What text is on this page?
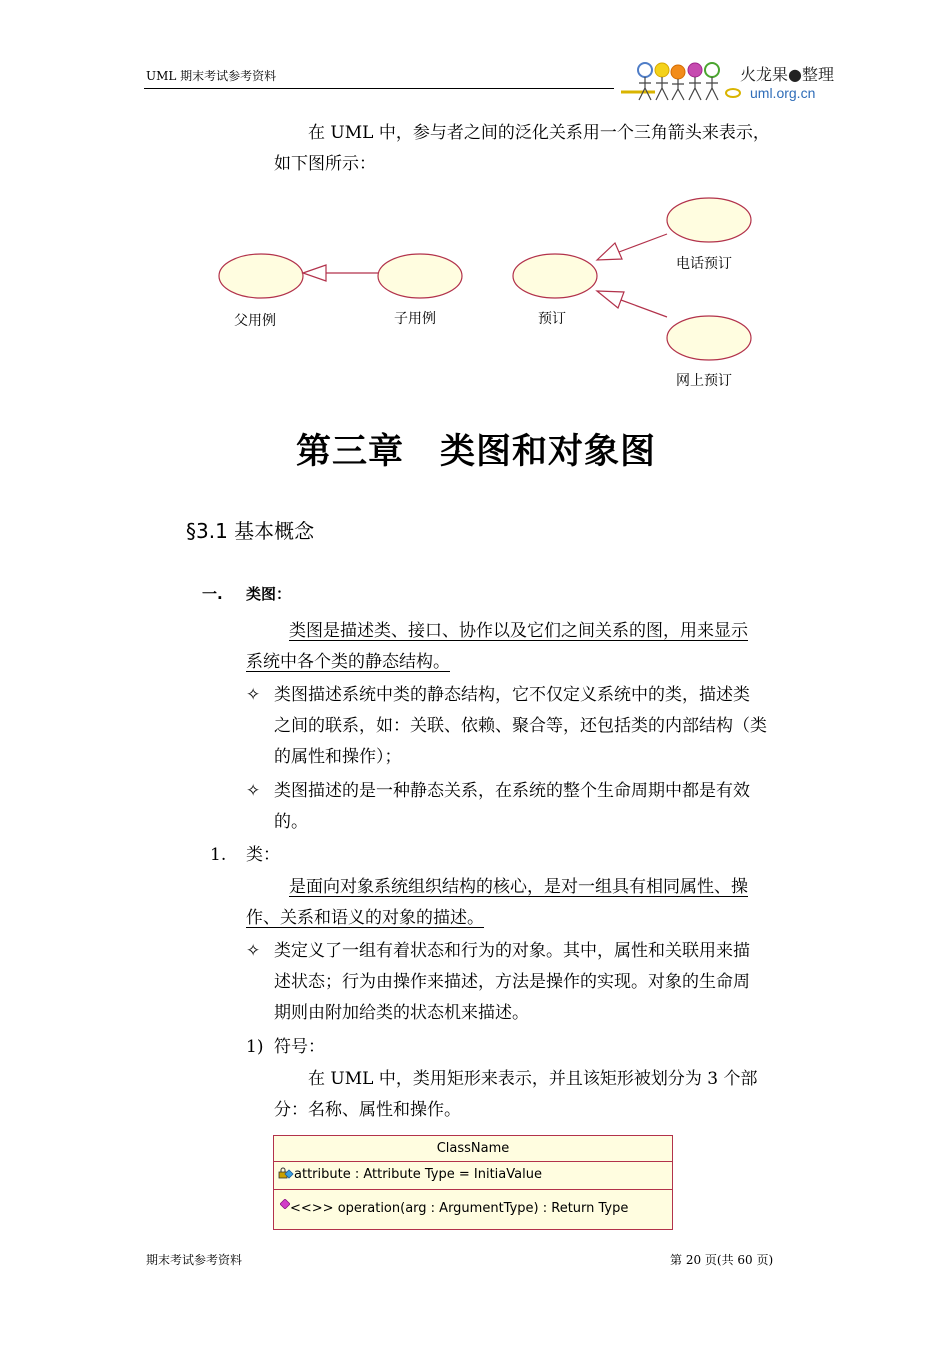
UML 期末考试参考资料	火龙果●整理
uml.org.cn
在 UML 中，参与者之间的泛化关系用一个三角箭头来表示，
如下图所示：
父用例	子用例	预订
电话预订
网上预订
第三章　类图和对象图
§3.1 基本概念
一. 类图：
类图是描述类、接口、协作以及它们之间关系的图，用来显示
系统中各个类的静态结构。
✧ 类图描述系统中类的静态结构，它不仅定义系统中的类，描述类
之间的联系，如：关联、依赖、聚合等，还包括类的内部结构（类
的属性和操作）；
✧ 类图描述的是一种静态关系，在系统的整个生命周期中都是有效
的。
1. 类：
是面向对象系统组织结构的核心，是对一组具有相同属性、操
作、关系和语义的对象的描述。
✧ 类定义了一组有着状态和行为的对象。其中，属性和关联用来描
述状态；行为由操作来描述，方法是操作的实现。对象的生命周
期则由附加给类的状态机来描述。
1) 符号：
在 UML 中，类用矩形来表示，并且该矩形被划分为 3 个部
分：名称、属性和操作。
ClassName
attribute : Attribute Type = InitiaValue
<<>> operation(arg : ArgumentType) : Return Type
期末考试参考资料	第 20 页(共 60 页)
